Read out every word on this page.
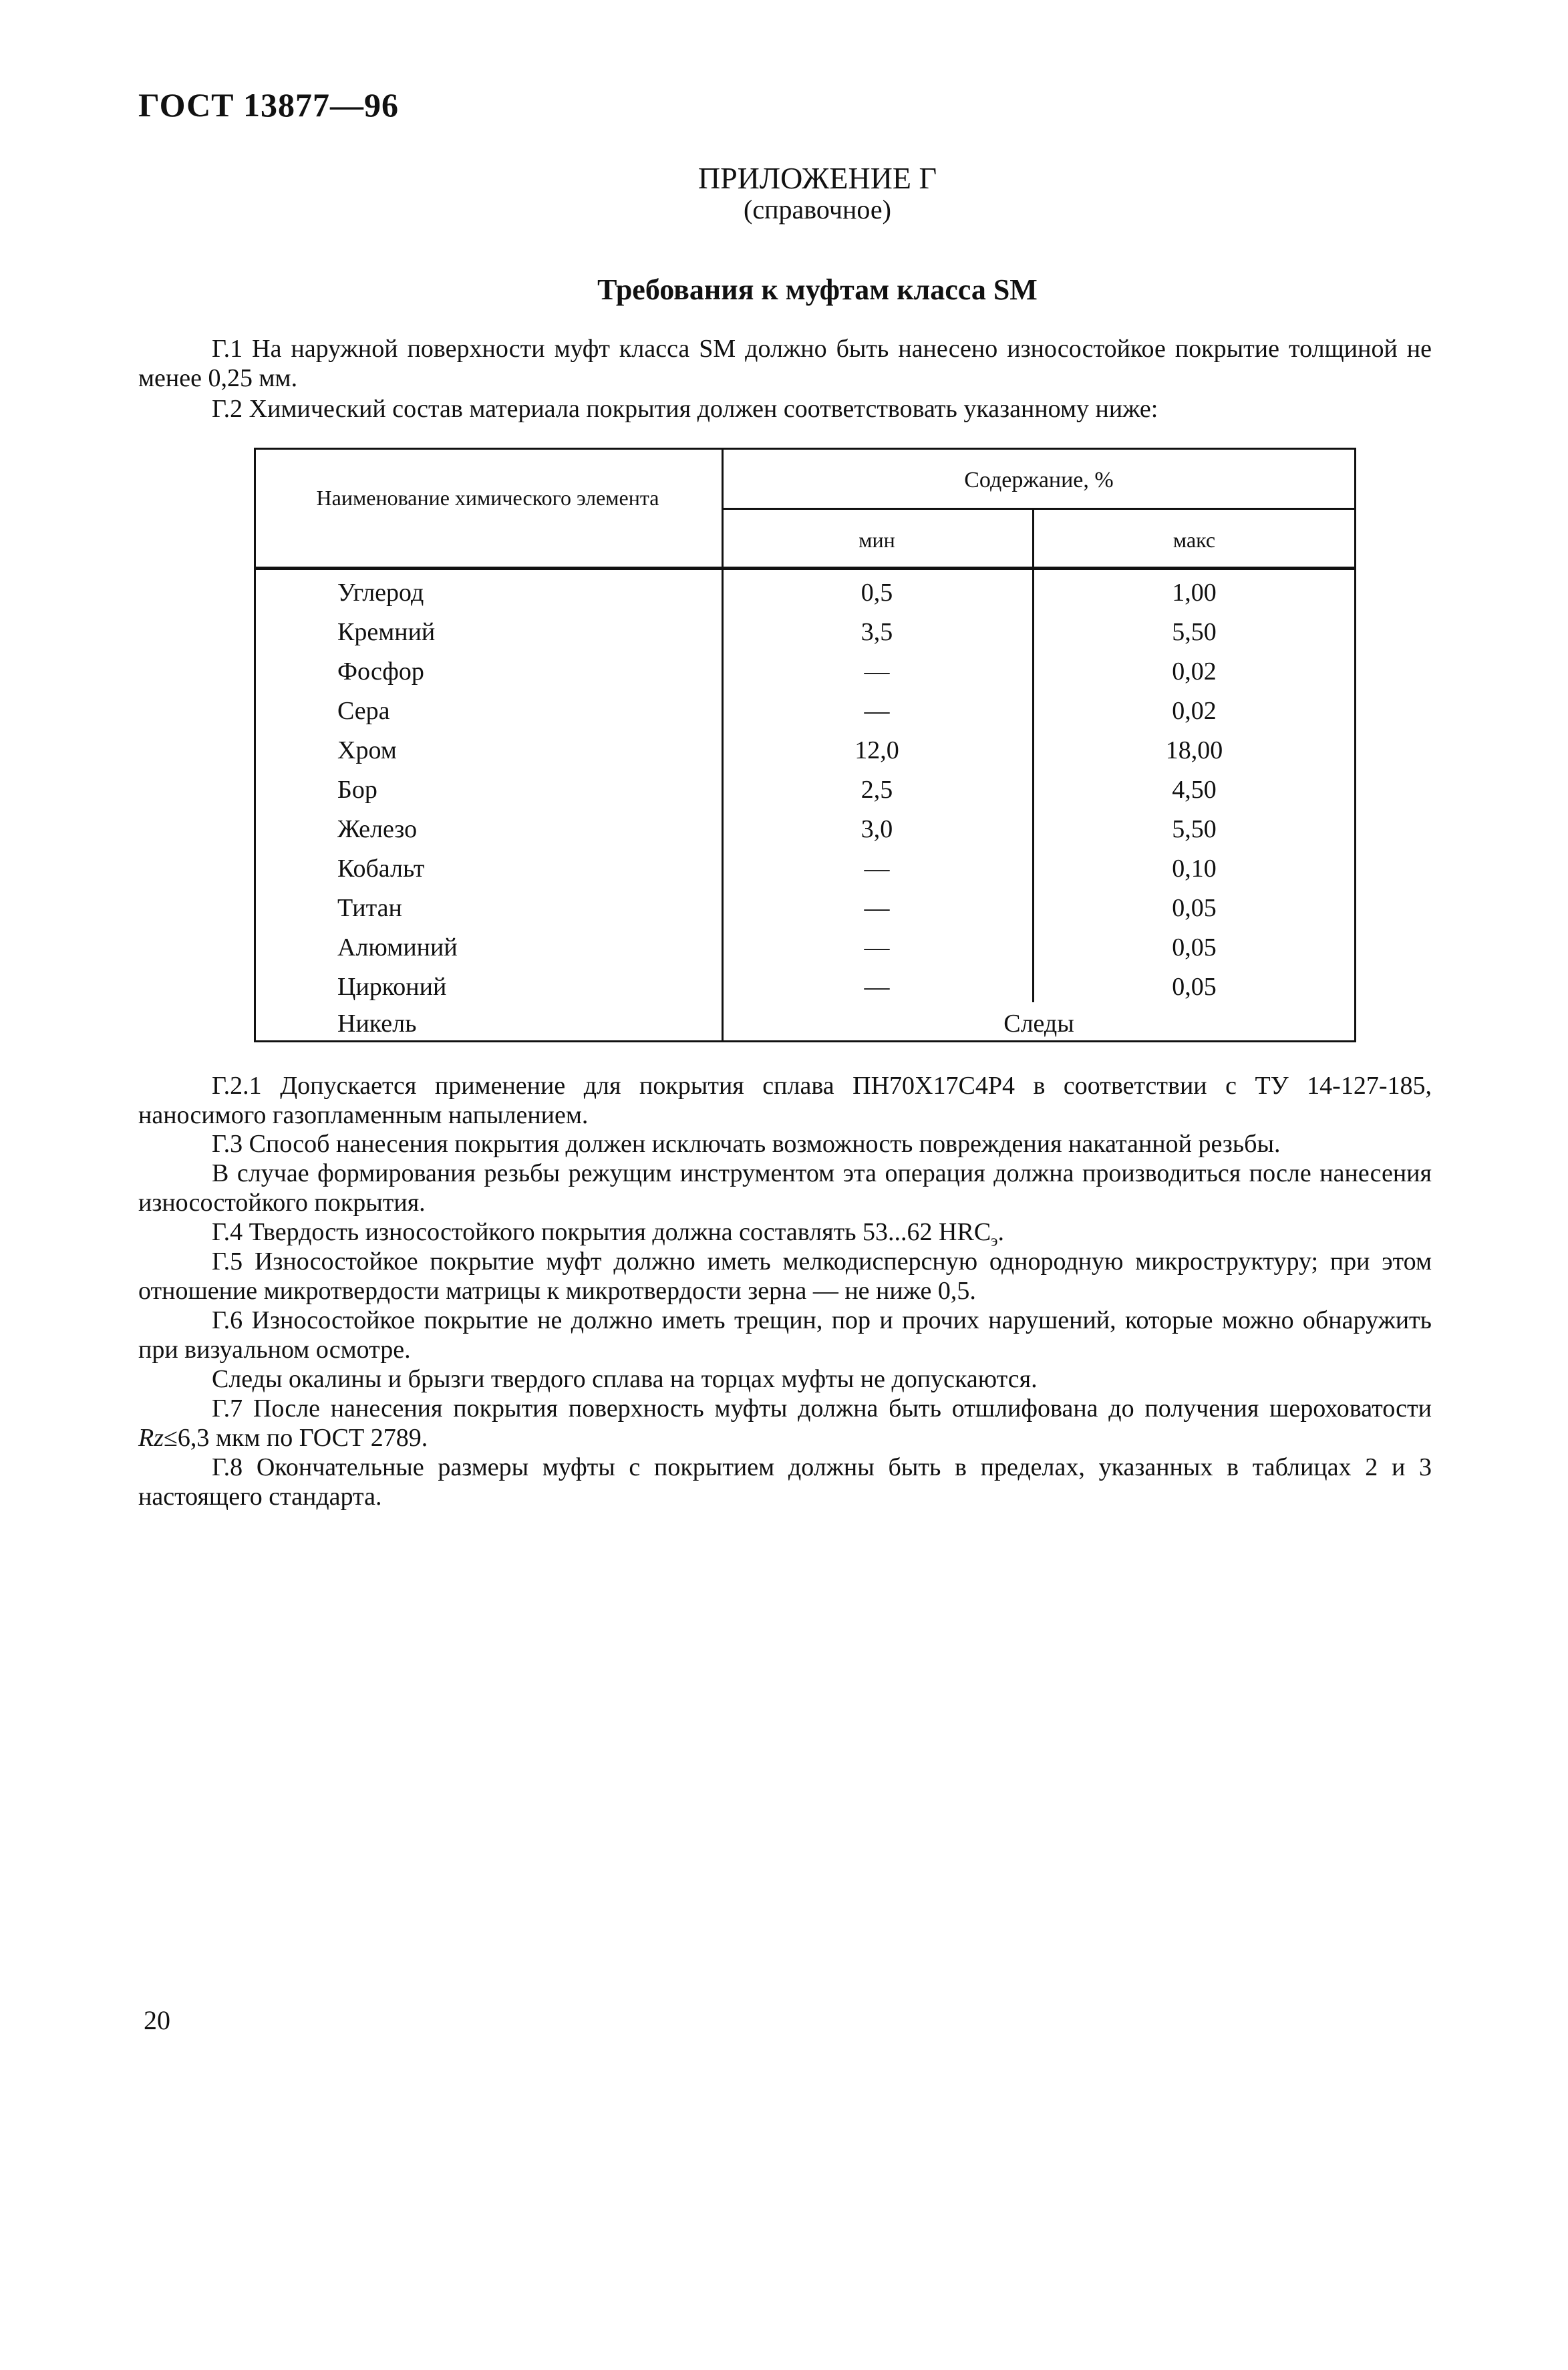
ГОСТ 13877—96
ПРИЛОЖЕНИЕ Г
(справочное)
Требования к муфтам класса SM
Г.1 На наружной поверхности муфт класса SM должно быть нанесено износостойкое покрытие толщиной не менее 0,25 мм.
Г.2 Химический состав материала покрытия должен соответствовать указанному ниже:
Наименование химического элемента
Содержание, %
мин	макс
Углерод	0,5	1,00
Кремний	3,5	5,50
Фосфор	—	0,02
Сера	—	0,02
Хром	12,0	18,00
Бор	2,5	4,50
Железо	3,0	5,50
Кобальт	—	0,10
Титан	—	0,05
Алюминий	—	0,05
Цирконий	—	0,05
Никель	Следы
Г.2.1 Допускается применение для покрытия сплава ПН70Х17С4Р4 в соответствии с ТУ 14-127-185, наносимого газопламенным напылением.
Г.3 Способ нанесения покрытия должен исключать возможность повреждения накатанной резьбы.
В случае формирования резьбы режущим инструментом эта операция должна производиться после нанесения износостойкого покрытия.
Г.4 Твердость износостойкого покрытия должна составлять 53...62 $HRC_э$.
Г.5 Износостойкое покрытие муфт должно иметь мелкодисперсную однородную микроструктуру; при этом отношение микротвердости матрицы к микротвердости зерна — не ниже 0,5.
Г.6 Износостойкое покрытие не должно иметь трещин, пор и прочих нарушений, которые можно обнаружить при визуальном осмотре.
Следы окалины и брызги твердого сплава на торцах муфты не допускаются.
Г.7 После нанесения покрытия поверхность муфты должна быть отшлифована до получения шероховатости Rz≤6,3 мкм по ГОСТ 2789.
Г.8 Окончательные размеры муфты с покрытием должны быть в пределах, указанных в таблицах 2 и 3 настоящего стандарта.
20
